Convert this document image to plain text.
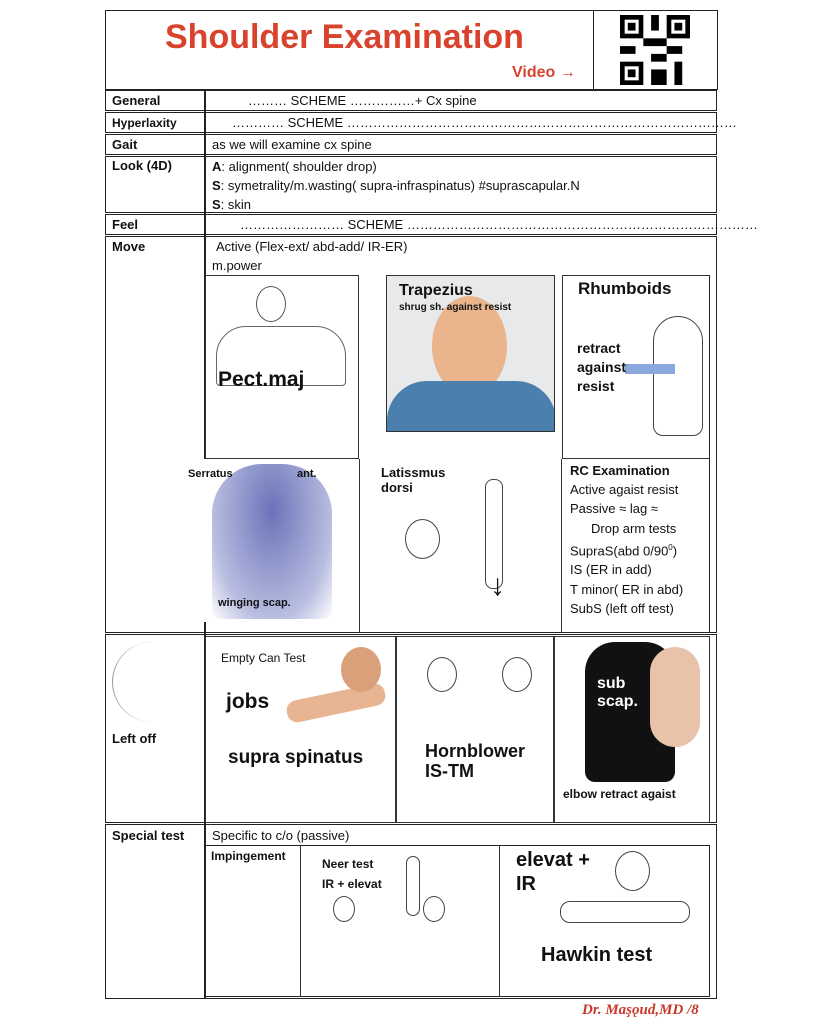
Shoulder Examination
Video →
General	……… SCHEME ……………+ Cx spine
Hyperlaxity	………… SCHEME ………………………………………………………………………………
Gait	as we will examine cx spine
Look (4D)	A: alignment( shoulder drop)
S: symetrality/m.wasting( supra-infraspinatus) #suprascapular.N
S: skin
Feel	…………………… SCHEME ………………………………………………………………………
Move	Active (Flex-ext/ abd-add/ IR-ER)
m.power
Pect.maj
Trapezius
shrug sh. against resist
Rhumboids
retract
against
resist
Serratus	ant.
winging scap.
Latissmus
dorsi
↓
RC Examination
Active agaist resist
Passive ≈ lag ≈
Drop arm tests
SupraS(abd $0/90^0$)
IS (ER in add)
T minor( ER in abd)
SubS (left off test)
Left off
Empty Can Test
jobs
supra spinatus	Hornblower
IS-TM
sub
scap.
elbow retract agaist
Special test Specific to c/o (passive)
Impingement
Neer test
IR + elevat
elevat +
IR
Hawkin test
Dr. Maşǫud,MD /8
